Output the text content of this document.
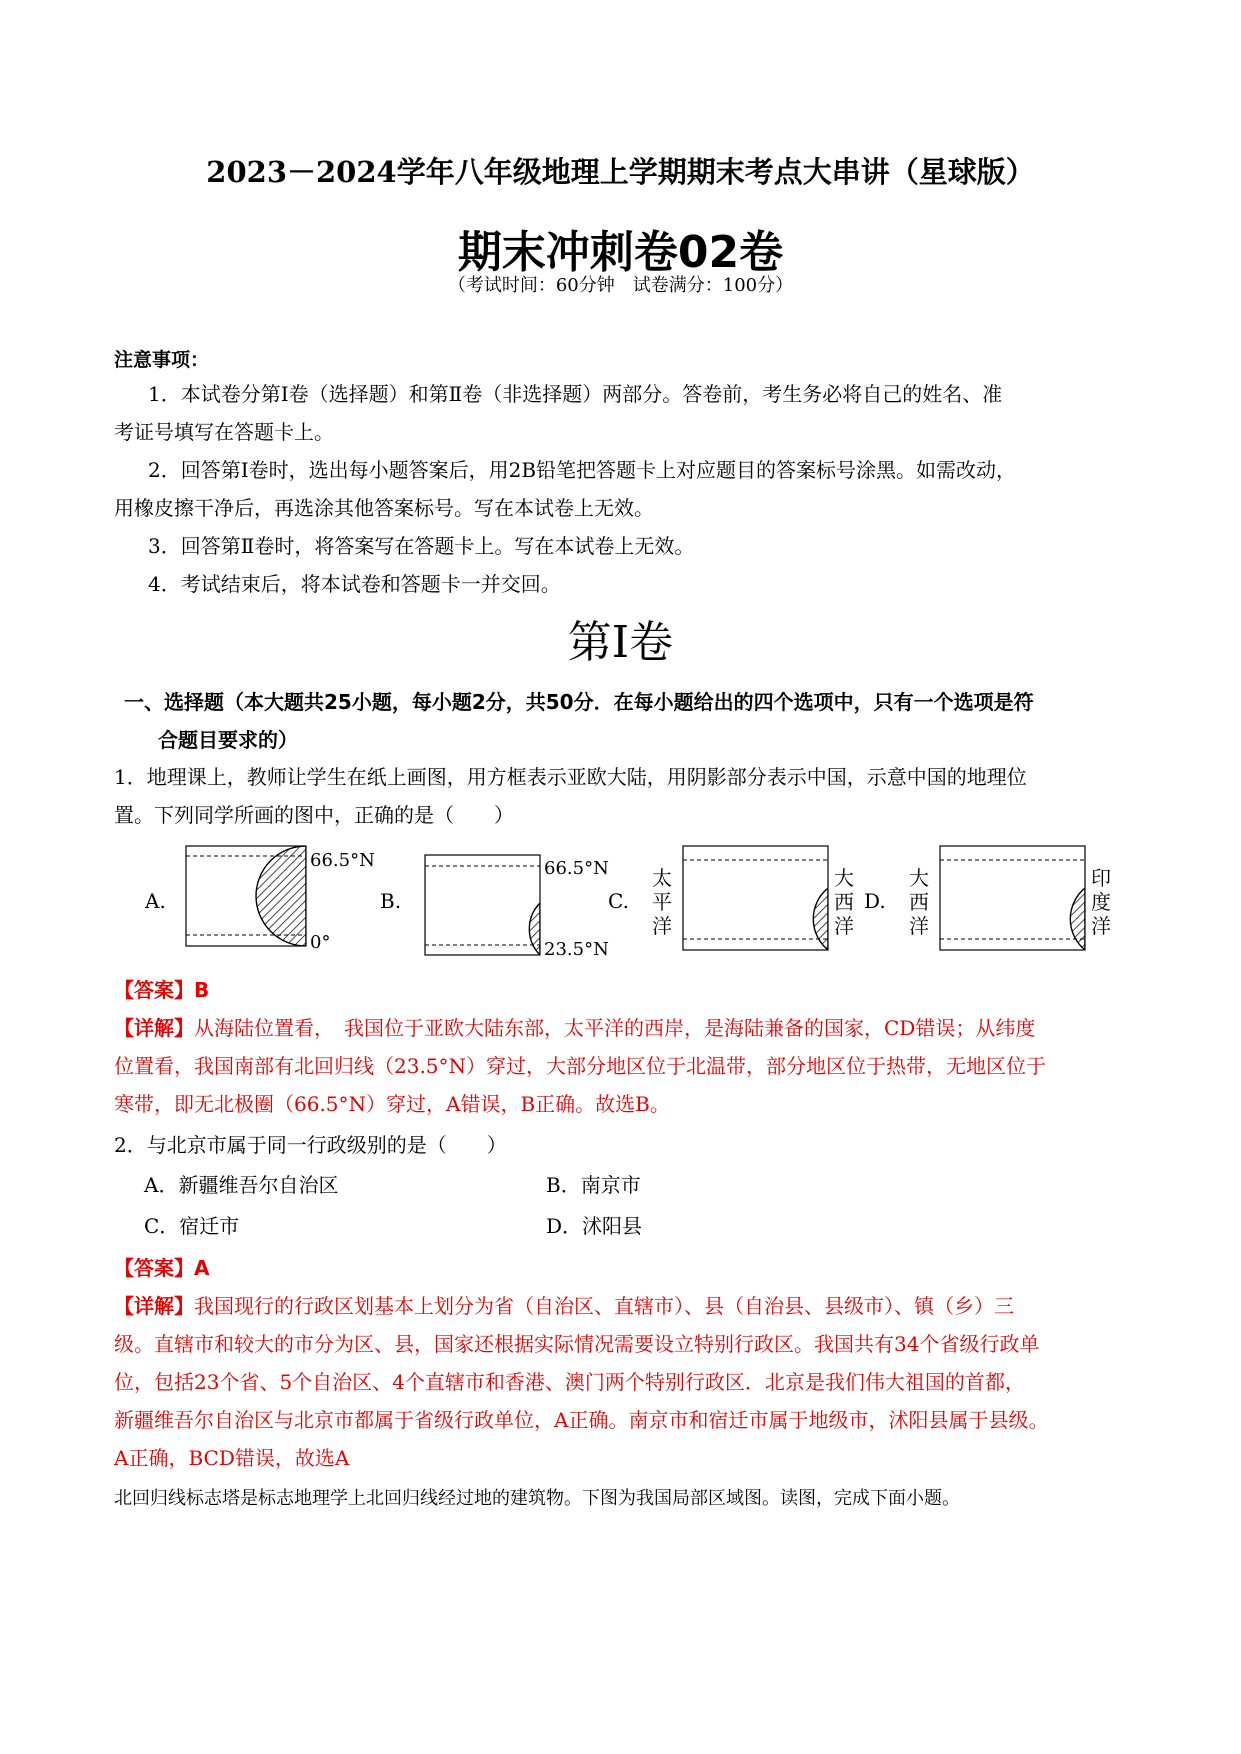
2023－2024学年八年级地理上学期期末考点大串讲（星球版）
期末冲刺卷02卷
（考试时间：60分钟　试卷满分：100分）
注意事项：
1．本试卷分第Ⅰ卷（选择题）和第Ⅱ卷（非选择题）两部分。答卷前，考生务必将自己的姓名、准
考证号填写在答题卡上。
2．回答第Ⅰ卷时，选出每小题答案后，用2B铅笔把答题卡上对应题目的答案标号涂黑。如需改动，
用橡皮擦干净后，再选涂其他答案标号。写在本试卷上无效。
3．回答第Ⅱ卷时，将答案写在答题卡上。写在本试卷上无效。
4．考试结束后，将本试卷和答题卡一并交回。
第Ⅰ卷
一、选择题（本大题共25小题，每小题2分，共50分．在每小题给出的四个选项中，只有一个选项是符
合题目要求的）
1．地理课上，教师让学生在纸上画图，用方框表示亚欧大陆，用阴影部分表示中国，示意中国的地理位
置。下列同学所画的图中，正确的是（　　）
A.
66.5°N
0°
B.
66.5°N
23.5°N
C.
太
平
洋
大
西
洋
D.
大
西
洋
印
度
洋
【答案】B
【详解】从海陆位置看，　我国位于亚欧大陆东部，太平洋的西岸，是海陆兼备的国家，CD错误；从纬度
位置看，我国南部有北回归线（23.5°N）穿过，大部分地区位于北温带，部分地区位于热带，无地区位于
寒带，即无北极圈（66.5°N）穿过，A错误，B正确。故选B。
2．与北京市属于同一行政级别的是（　　）
A．新疆维吾尔自治区	B．南京市
C．宿迁市	D．沭阳县
【答案】A
【详解】我国现行的行政区划基本上划分为省（自治区、直辖市）、县（自治县、县级市）、镇（乡）三
级。直辖市和较大的市分为区、县，国家还根据实际情况需要设立特别行政区。我国共有34个省级行政单
位，包括23个省、5个自治区、4个直辖市和香港、澳门两个特别行政区．北京是我们伟大祖国的首都，
新疆维吾尔自治区与北京市都属于省级行政单位，A正确。南京市和宿迁市属于地级市，沭阳县属于县级。
A正确，BCD错误，故选A
北回归线标志塔是标志地理学上北回归线经过地的建筑物。下图为我国局部区域图。读图，完成下面小题。
